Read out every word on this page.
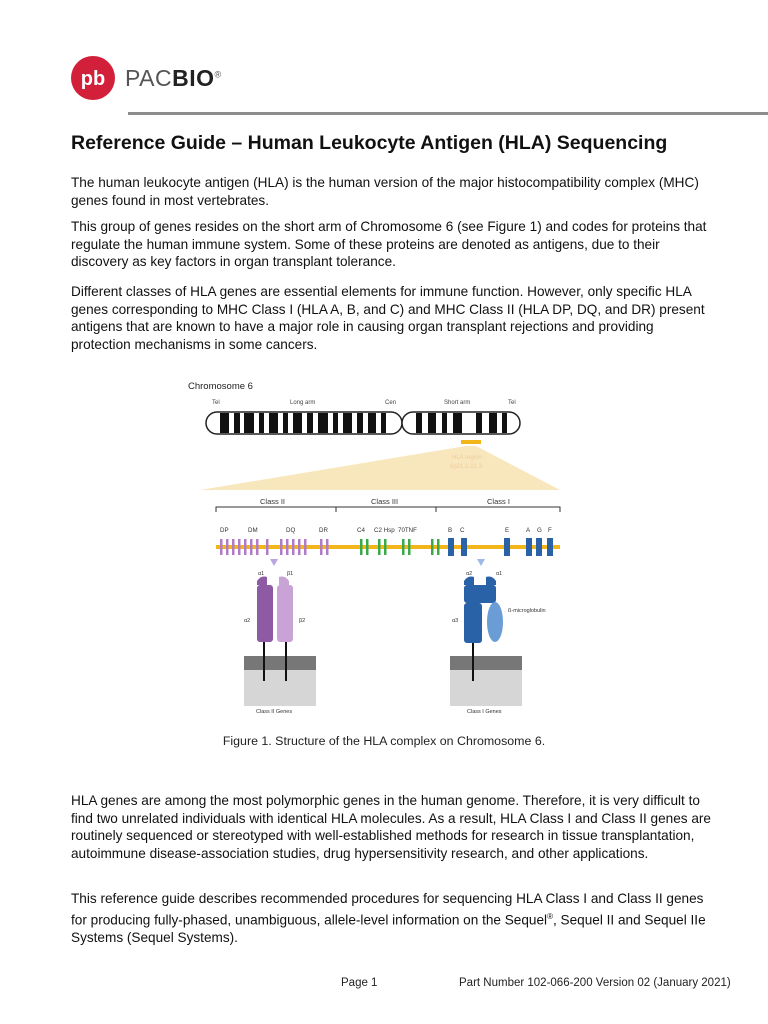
pb PACBIO®
Reference Guide – Human Leukocyte Antigen (HLA) Sequencing

The human leukocyte antigen (HLA) is the human version of the major histocompatibility complex (MHC) genes found in most vertebrates.

This group of genes resides on the short arm of Chromosome 6 (see Figure 1) and codes for proteins that regulate the human immune system. Some of these proteins are denoted as antigens, due to their discovery as key factors in organ transplant tolerance.

Different classes of HLA genes are essential elements for immune function. However, only specific HLA genes corresponding to MHC Class I (HLA A, B, and C) and MHC Class II (HLA DP, DQ, and DR) present antigens that are known to have a major role in causing organ transplant rejections and providing protection mechanisms in some cancers.

Chromosome 6
Tel	Long arm	Cen	Short arm	Tel
Class II	Class III	Class I
DP	DM	DQ	DR	C4 C2 Hsp 70TNF	B C	E	A G F
α1	β1
α2	β2
Class II Genes
α2	α1
α3
ß-microglobulin
Class I Genes

Figure 1. Structure of the HLA complex on Chromosome 6.

HLA genes are among the most polymorphic genes in the human genome. Therefore, it is very difficult to find two unrelated individuals with identical HLA molecules. As a result, HLA Class I and Class II genes are routinely sequenced or stereotyped with well-established methods for research in tissue transplantation, autoimmune disease-association studies, drug hypersensitivity research, and other applications.

This reference guide describes recommended procedures for sequencing HLA Class I and Class II genes for producing fully-phased, unambiguous, allele-level information on the Sequel®, Sequel II and Sequel IIe Systems (Sequel Systems).

Page 1	Part Number 102-066-200 Version 02 (January 2021)
